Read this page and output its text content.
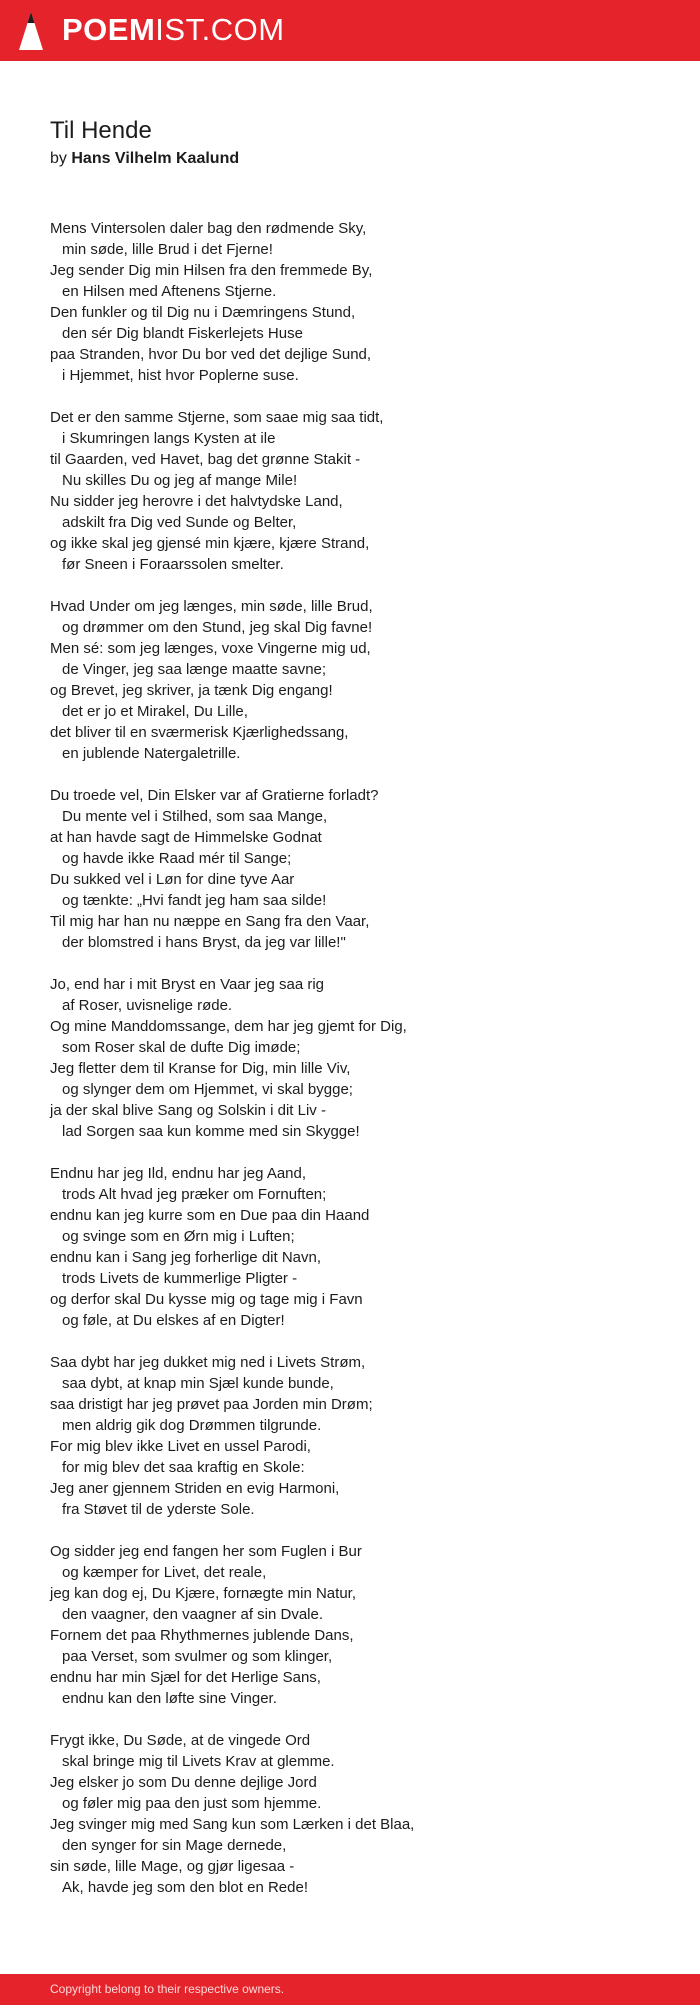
POEMIST.COM
Til Hende
by Hans Vilhelm Kaalund
Mens Vintersolen daler bag den rødmende Sky,
min søde, lille Brud i det Fjerne!
Jeg sender Dig min Hilsen fra den fremmede By,
en Hilsen med Aftenens Stjerne.
Den funkler og til Dig nu i Dæmringens Stund,
den sér Dig blandt Fiskerlejets Huse
paa Stranden, hvor Du bor ved det dejlige Sund,
i Hjemmet, hist hvor Poplerne suse.
Det er den samme Stjerne, som saae mig saa tidt,
i Skumringen langs Kysten at ile
til Gaarden, ved Havet, bag det grønne Stakit -
Nu skilles Du og jeg af mange Mile!
Nu sidder jeg herovre i det halvtydske Land,
adskilt fra Dig ved Sunde og Belter,
og ikke skal jeg gjensé min kjære, kjære Strand,
før Sneen i Foraarssolen smelter.
Hvad Under om jeg længes, min søde, lille Brud,
og drømmer om den Stund, jeg skal Dig favne!
Men sé: som jeg længes, voxe Vingerne mig ud,
de Vinger, jeg saa længe maatte savne;
og Brevet, jeg skriver, ja tænk Dig engang!
det er jo et Mirakel, Du Lille,
det bliver til en sværmerisk Kjærlighedssang,
en jublende Natergaletrille.
Du troede vel, Din Elsker var af Gratierne forladt?
Du mente vel i Stilhed, som saa Mange,
at han havde sagt de Himmelske Godnat
og havde ikke Raad mér til Sange;
Du sukked vel i Løn for dine tyve Aar
og tænkte: „Hvi fandt jeg ham saa silde!
Til mig har han nu næppe en Sang fra den Vaar,
der blomstred i hans Bryst, da jeg var lille!"
Jo, end har i mit Bryst en Vaar jeg saa rig
af Roser, uvisnelige røde.
Og mine Manddomssange, dem har jeg gjemt for Dig,
som Roser skal de dufte Dig imøde;
Jeg fletter dem til Kranse for Dig, min lille Viv,
og slynger dem om Hjemmet, vi skal bygge;
ja der skal blive Sang og Solskin i dit Liv -
lad Sorgen saa kun komme med sin Skygge!
Endnu har jeg Ild, endnu har jeg Aand,
trods Alt hvad jeg præker om Fornuften;
endnu kan jeg kurre som en Due paa din Haand
og svinge som en Ørn mig i Luften;
endnu kan i Sang jeg forherlige dit Navn,
trods Livets de kummerlige Pligter -
og derfor skal Du kysse mig og tage mig i Favn
og føle, at Du elskes af en Digter!
Saa dybt har jeg dukket mig ned i Livets Strøm,
saa dybt, at knap min Sjæl kunde bunde,
saa dristigt har jeg prøvet paa Jorden min Drøm;
men aldrig gik dog Drømmen tilgrunde.
For mig blev ikke Livet en ussel Parodi,
for mig blev det saa kraftig en Skole:
Jeg aner gjennem Striden en evig Harmoni,
fra Støvet til de yderste Sole.
Og sidder jeg end fangen her som Fuglen i Bur
og kæmper for Livet, det reale,
jeg kan dog ej, Du Kjære, fornægte min Natur,
den vaagner, den vaagner af sin Dvale.
Fornem det paa Rhythmernes jublende Dans,
paa Verset, som svulmer og som klinger,
endnu har min Sjæl for det Herlige Sans,
endnu kan den løfte sine Vinger.
Frygt ikke, Du Søde, at de vingede Ord
skal bringe mig til Livets Krav at glemme.
Jeg elsker jo som Du denne dejlige Jord
og føler mig paa den just som hjemme.
Jeg svinger mig med Sang kun som Lærken i det Blaa,
den synger for sin Mage dernede,
sin søde, lille Mage, og gjør ligesaa -
Ak, havde jeg som den blot en Rede!
Copyright belong to their respective owners.
